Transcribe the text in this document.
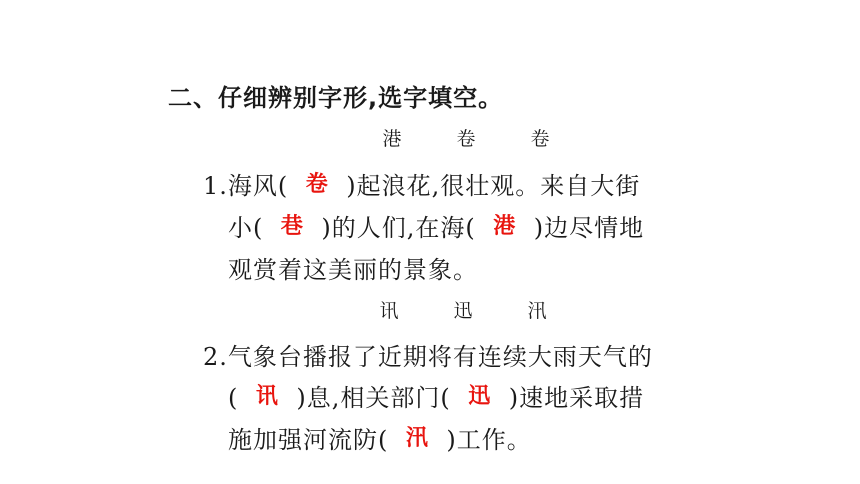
二、仔细辨别字形,选字填空。
港	卷	卷
1.海风( 卷 )起浪花,很壮观。来自大街
小( 巷 )的人们,在海( 港 )边尽情地
观赏着这美丽的景象。
讯	迅	汛
2.气象台播报了近期将有连续大雨天气的
( 讯 )息,相关部门( 迅 )速地采取措
施加强河流防( 汛 )工作。
